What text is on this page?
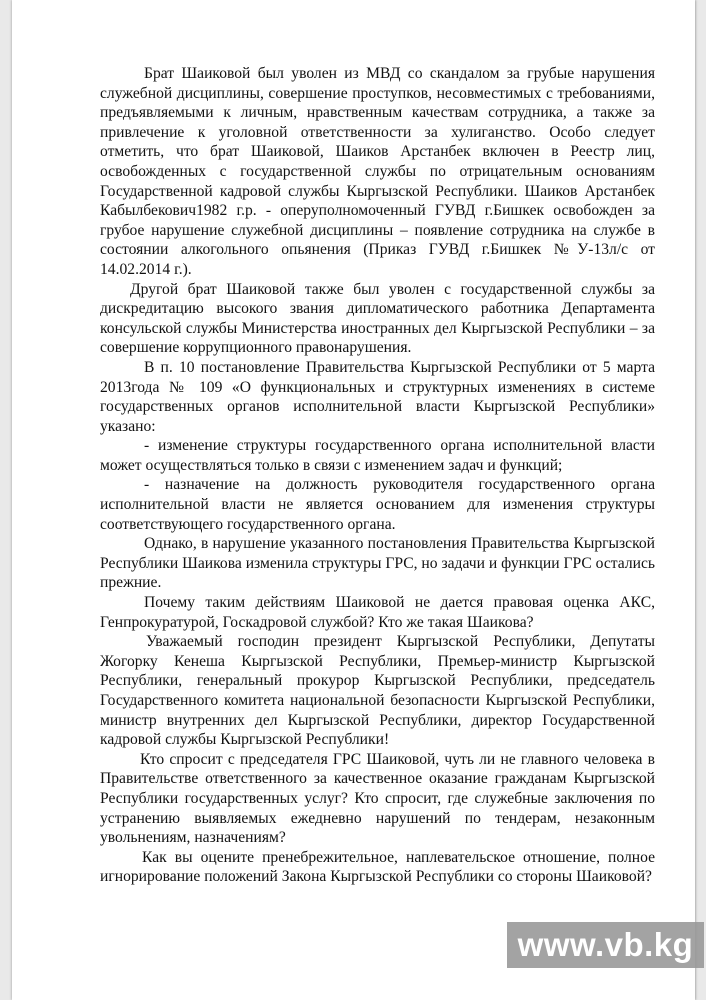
Брат Шаиковой был уволен из МВД со скандалом за грубые нарушения служебной дисциплины, совершение проступков, несовместимых с требованиями, предъявляемыми к личным, нравственным качествам сотрудника, а также за привлечение к уголовной ответственности за хулиганство. Особо следует отметить, что брат Шаиковой, Шаиков Арстанбек включен в Реестр лиц, освобожденных с государственной службы по отрицательным основаниям Государственной кадровой службы Кыргызской Республики. Шаиков Арстанбек Кабылбекович1982 г.р. - оперуполномоченный ГУВД г.Бишкек освобожден за грубое нарушение служебной дисциплины – появление сотрудника на службе в состоянии алкогольного опьянения (Приказ ГУВД г.Бишкек №У-13л/с от 14.02.2014 г.).

Другой брат Шаиковой также был уволен с государственной службы за дискредитацию высокого звания дипломатического работника Департамента консульской службы Министерства иностранных дел Кыргызской Республики – за совершение коррупционного правонарушения.

В п. 10 постановление Правительства Кыргызской Республики от 5 марта 2013года № 109 «О функциональных и структурных изменениях в системе государственных органов исполнительной власти Кыргызской Республики» указано:

- изменение структуры государственного органа исполнительной власти может осуществляться только в связи с изменением задач и функций;

- назначение на должность руководителя государственного органа исполнительной власти не является основанием для изменения структуры соответствующего государственного органа.

Однако, в нарушение указанного постановления Правительства Кыргызской Республики Шаикова изменила структуры ГРС, но задачи и функции ГРС остались прежние.

Почему таким действиям Шаиковой не дается правовая оценка АКС, Генпрокуратурой, Госкадровой службой? Кто же такая Шаикова?

Уважаемый господин президент Кыргызской Республики, Депутаты Жогорку Кенеша Кыргызской Республики, Премьер-министр Кыргызской Республики, генеральный прокурор Кыргызской Республики, председатель Государственного комитета национальной безопасности Кыргызской Республики, министр внутренних дел Кыргызской Республики, директор Государственной кадровой службы Кыргызской Республики!

Кто спросит с председателя ГРС Шаиковой, чуть ли не главного человека в Правительстве ответственного за качественное оказание гражданам Кыргызской Республики государственных услуг? Кто спросит, где служебные заключения по устранению выявляемых ежедневно нарушений по тендерам, незаконным увольнениям, назначениям?

Как вы оцените пренебрежительное, наплевательское отношение, полное игнорирование положений Закона Кыргызской Республики со стороны Шаиковой?

www.vb.kg
